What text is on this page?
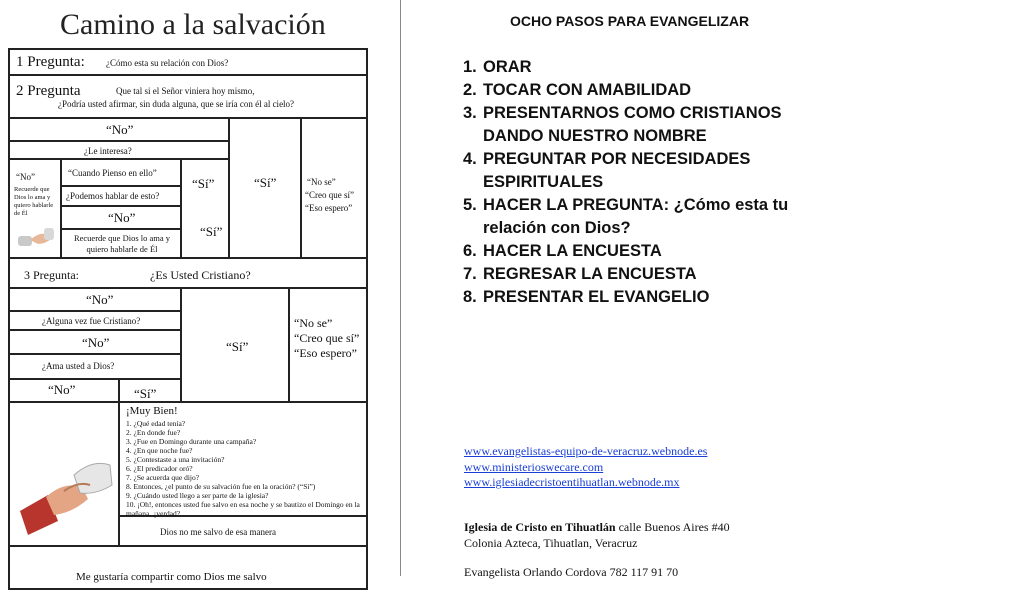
Camino a la salvación
1 Pregunta: ¿Cómo esta su relación con Dios?
2 Pregunta	Que tal si el Señor viniera hoy mismo,
¿Podría usted afirmar, sin duda alguna, que se iría con él al cielo?
“No”
“Sí”	“No se”
“Creo que sí”
“Eso espero”
¿Le interesa?
“No”
Recuerde que Dios lo ama y quiero hablarle de Él
“Cuando Pienso en ello”
“Sí”
“Sí”
¿Podemos hablar de esto?
“No”
Recuerde que Dios lo ama y quiero hablarle de Él
3 Pregunta:	¿Es Usted Cristiano?
“No”
“Sí”
“No se”
“Creo que sí”
“Eso espero”
¿Alguna vez fue Cristiano?
“No”
¿Ama usted a Dios?
“No”	“Sí”
¡Muy Bien!
1. ¿Qué edad tenía?
2. ¿En donde fue?
3. ¿Fue en Domingo durante una campaña?
4. ¿En que noche fue?
5. ¿Contestaste a una invitación?
6. ¿El predicador oró?
7. ¿Se acuerda que dijo?
8. Entonces, ¿el punto de su salvación fue en la oración? (“Sí”)
9. ¿Cuándo usted llego a ser parte de la iglesia?
10. ¡Oh!, entonces usted fue salvo en esa noche y se bautizo el Domingo en la
mañana, ¿verdad?
Dios no me salvo de esa manera
Me gustaría compartir como Dios me salvo
OCHO PASOS PARA EVANGELIZAR
1. ORAR
2. TOCAR CON AMABILIDAD
3. PRESENTARNOS COMO CRISTIANOS DANDO NUESTRO NOMBRE
4. PREGUNTAR POR NECESIDADES ESPIRITUALES
5. HACER LA PREGUNTA: ¿Cómo esta tu relación con Dios?
6. HACER LA ENCUESTA
7. REGRESAR LA ENCUESTA
8. PRESENTAR EL EVANGELIO
www.evangelistas-equipo-de-veracruz.webnode.es
www.ministerioswecare.com
www.iglesiadecristoentihuatlan.webnode.mx
Iglesia de Cristo en Tihuatlán calle Buenos Aires #40
Colonia Azteca, Tihuatlan, Veracruz
Evangelista Orlando Cordova 782 117 91 70
